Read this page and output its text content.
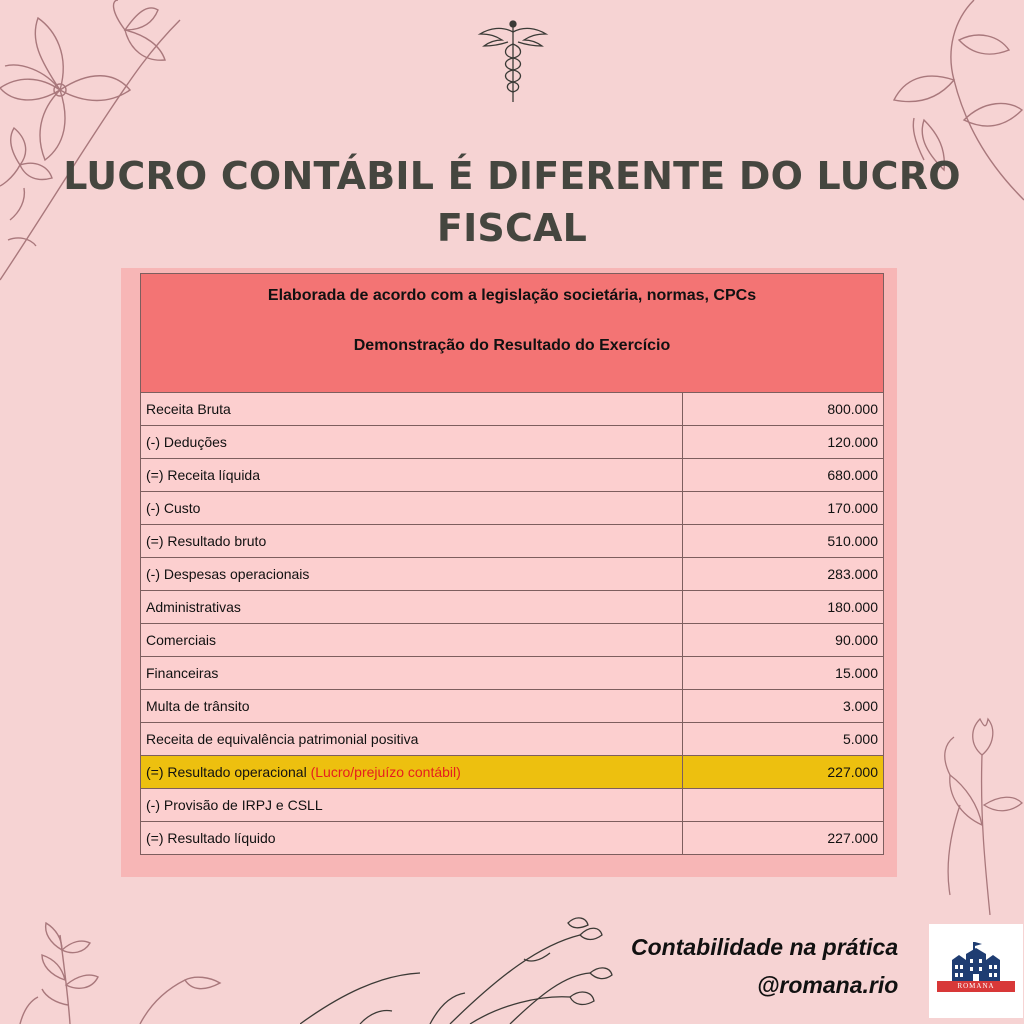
LUCRO CONTÁBIL É DIFERENTE DO LUCRO
FISCAL
Elaborada de acordo com a legislação societária, normas, CPCs
Demonstração do Resultado do Exercício	

Receita Bruta	800.000
(-) Deduções	120.000
(=) Receita líquida	680.000
(-) Custo	170.000
(=) Resultado bruto	510.000
(-) Despesas operacionais	283.000
Administrativas	180.000
Comerciais	90.000
Financeiras	15.000
Multa de trânsito	3.000
Receita de equivalência patrimonial positiva	5.000
(=) Resultado operacional (Lucro/prejuízo contábil)	227.000
(-) Provisão de IRPJ e CSLL	
(=) Resultado líquido	227.000
Contabilidade na prática
@romana.rio	ROMANA
